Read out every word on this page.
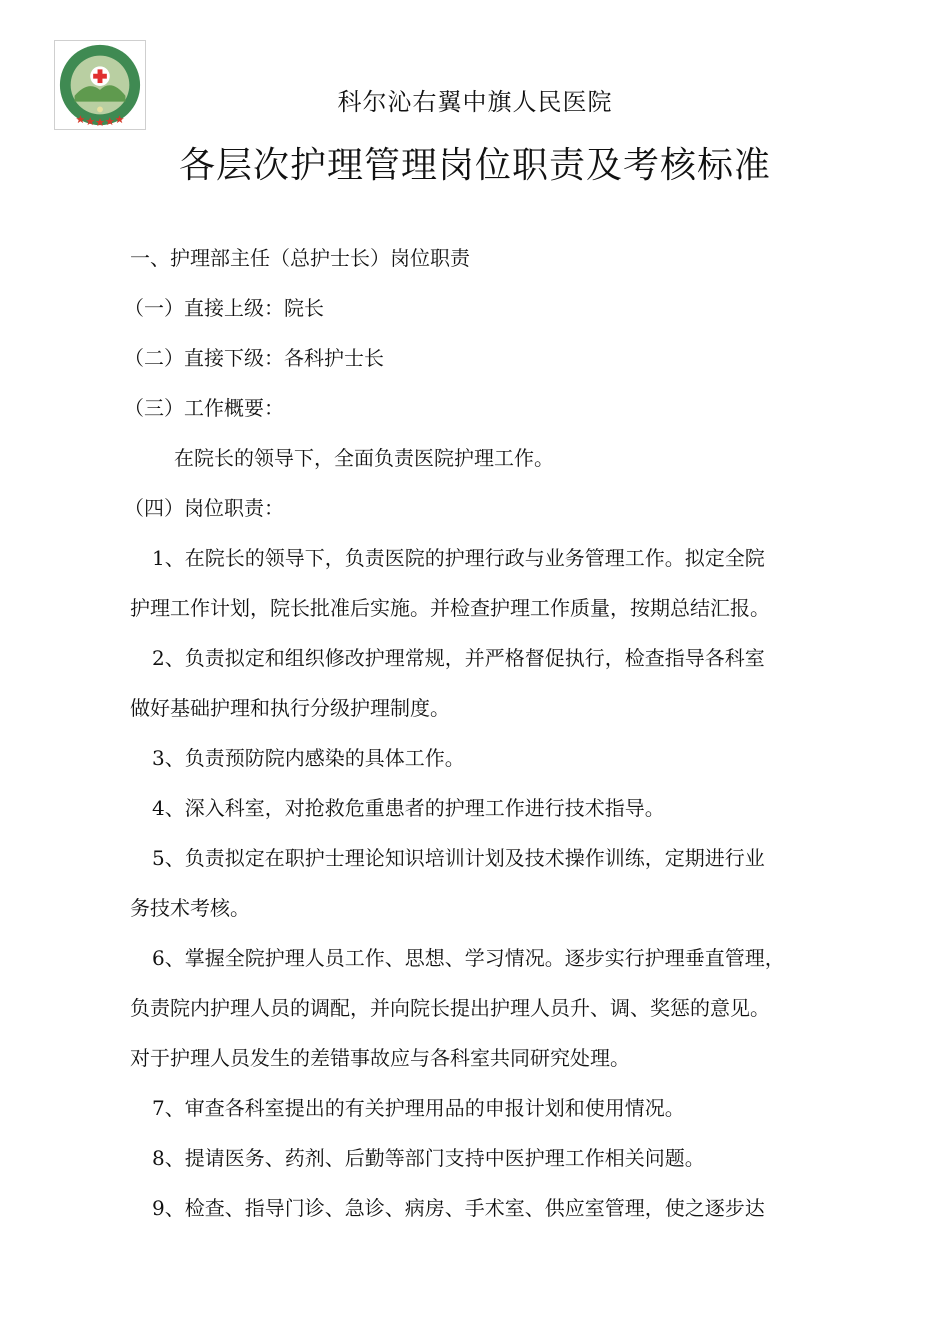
科尔沁右翼中旗人民医院
各层次护理管理岗位职责及考核标准
一、护理部主任（总护士长）岗位职责
（一）直接上级：院长
（二）直接下级：各科护士长
（三）工作概要：
在院长的领导下，全面负责医院护理工作。
（四）岗位职责：
1、在院长的领导下，负责医院的护理行政与业务管理工作。拟定全院
护理工作计划，院长批准后实施。并检查护理工作质量，按期总结汇报。
2、负责拟定和组织修改护理常规，并严格督促执行，检查指导各科室
做好基础护理和执行分级护理制度。
3、负责预防院内感染的具体工作。
4、深入科室，对抢救危重患者的护理工作进行技术指导。
5、负责拟定在职护士理论知识培训计划及技术操作训练，定期进行业
务技术考核。
6、掌握全院护理人员工作、思想、学习情况。逐步实行护理垂直管理，
负责院内护理人员的调配，并向院长提出护理人员升、调、奖惩的意见。
对于护理人员发生的差错事故应与各科室共同研究处理。
7、审查各科室提出的有关护理用品的申报计划和使用情况。
8、提请医务、药剂、后勤等部门支持中医护理工作相关问题。
9、检查、指导门诊、急诊、病房、手术室、供应室管理，使之逐步达
